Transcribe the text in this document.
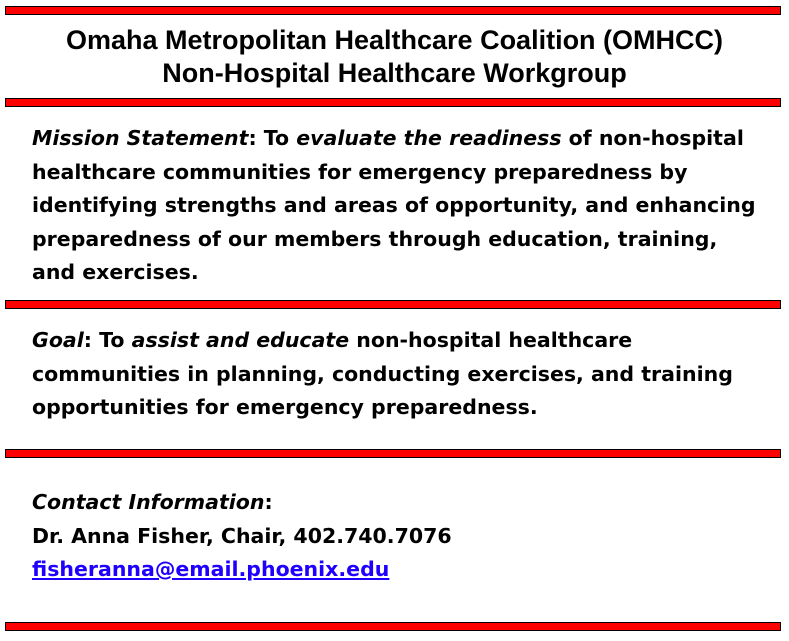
Omaha Metropolitan Healthcare Coalition (OMHCC)
Non-Hospital Healthcare Workgroup
Mission Statement: To evaluate the readiness of non-hospital
healthcare communities for emergency preparedness by
identifying strengths and areas of opportunity, and enhancing
preparedness of our members through education, training,
and exercises.
Goal: To assist and educate non-hospital healthcare
communities in planning, conducting exercises, and training
opportunities for emergency preparedness.
Contact Information:
Dr. Anna Fisher, Chair, 402.740.7076
fisheranna@email.phoenix.edu
